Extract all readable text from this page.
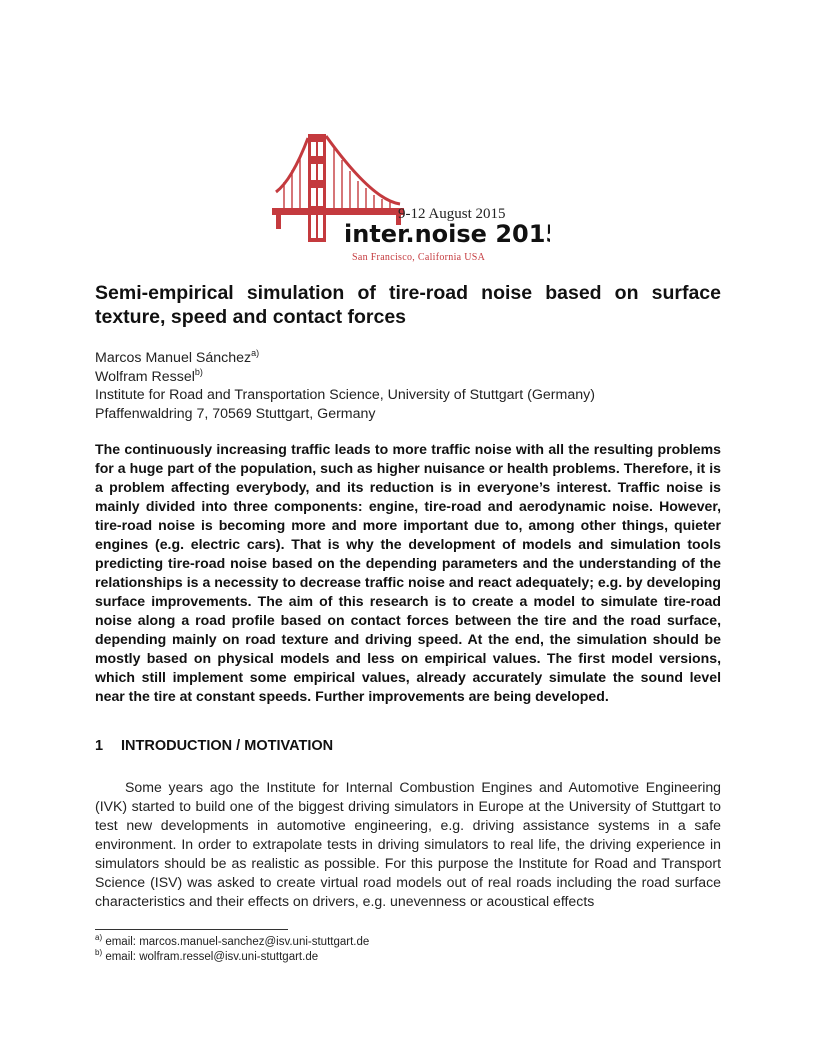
9-12 August 2015
inter.noise 2015
San Francisco, California USA
Semi-empirical simulation of tire-road noise based on surface
texture, speed and contact forces
Marcos Manuel Sánchez$^{a)}$
Wolfram Ressel$^{b)}$
Institute for Road and Transportation Science, University of Stuttgart (Germany)
Pfaffenwaldring 7, 70569 Stuttgart, Germany

The continuously increasing traffic leads to more traffic noise with all the resulting problems for a huge part of the population, such as higher nuisance or health problems. Therefore, it is a problem affecting everybody, and its reduction is in everyone’s interest. Traffic noise is mainly divided into three components: engine, tire-road and aerodynamic noise. However, tire-road noise is becoming more and more important due to, among other things, quieter engines (e.g. electric cars). That is why the development of models and simulation tools predicting tire-road noise based on the depending parameters and the understanding of the relationships is a necessity to decrease traffic noise and react adequately; e.g. by developing surface improvements. The aim of this research is to create a model to simulate tire-road noise along a road profile based on contact forces between the tire and the road surface, depending mainly on road texture and driving speed. At the end, the simulation should be mostly based on physical models and less on empirical values. The first model versions, which still implement some empirical values, already accurately simulate the sound level near the tire at constant speeds. Further improvements are being developed.

1 INTRODUCTION / MOTIVATION

Some years ago the Institute for Internal Combustion Engines and Automotive Engineering (IVK) started to build one of the biggest driving simulators in Europe at the University of Stuttgart to test new developments in automotive engineering, e.g. driving assistance systems in a safe environment. In order to extrapolate tests in driving simulators to real life, the driving experience in simulators should be as realistic as possible. For this purpose the Institute for Road and Transport Science (ISV) was asked to create virtual road models out of real roads including the road surface characteristics and their effects on drivers, e.g. unevenness or acoustical effects

$^{a)}$ email: marcos.manuel-sanchez@isv.uni-stuttgart.de
$^{b)}$ email: wolfram.ressel@isv.uni-stuttgart.de
